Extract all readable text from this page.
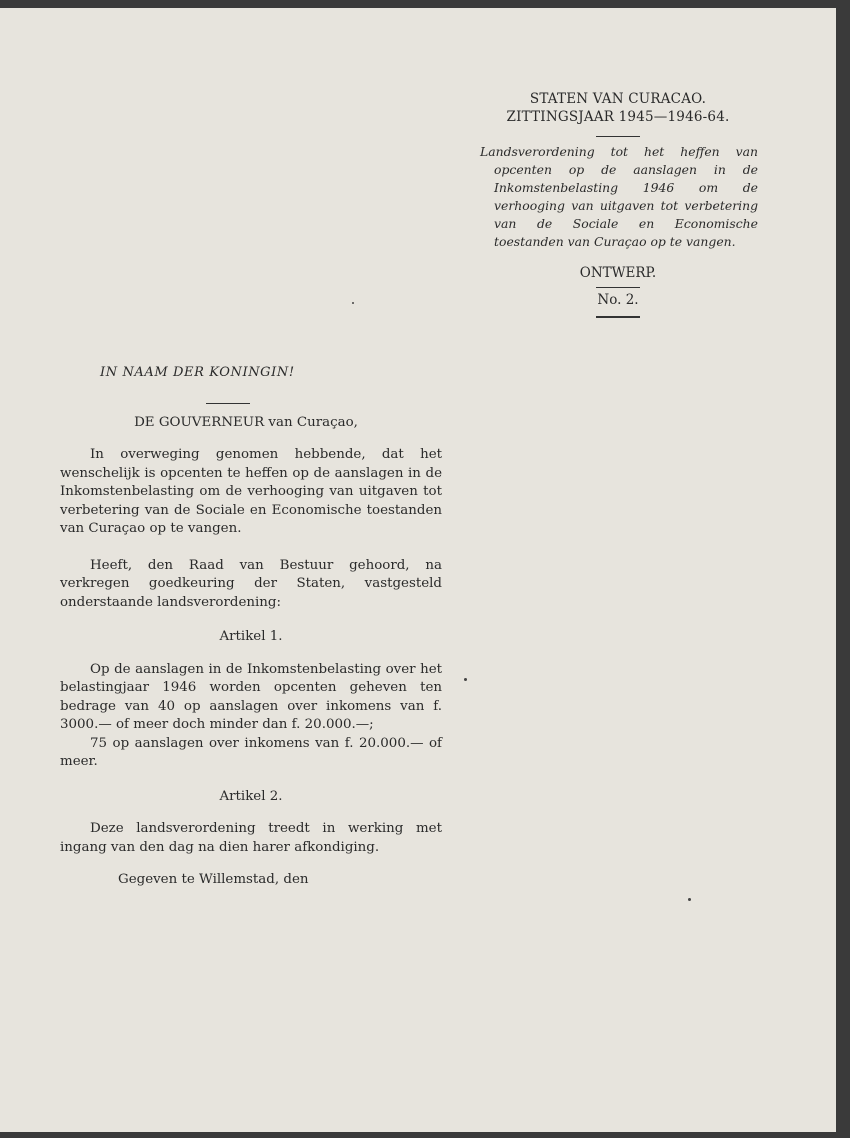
STATEN VAN CURACAO.
ZITTINGSJAAR 1945—1946-64.

Landsverordening tot het heffen van opcenten op de aanslagen in de Inkomstenbelasting 1946 om de verhooging van uitgaven tot verbetering van de Sociale en Economische toestanden van Curaçao op te vangen.

ONTWERP.
No. 2.
IN NAAM DER KONINGIN!
DE GOUVERNEUR van Curaçao,

In overweging genomen hebbende, dat het wenschelijk is opcenten te heffen op de aanslagen in de Inkomstenbelasting om de verhooging van uitgaven tot verbetering van de Sociale en Economische toestanden van Curaçao op te vangen.

Heeft, den Raad van Bestuur gehoord, na verkregen goedkeuring der Staten, vastgesteld onderstaande landsverordening:

Artikel 1.

Op de aanslagen in de Inkomstenbelasting over het belastingjaar 1946 worden opcenten geheven ten bedrage van 40 op aanslagen over inkomens van f. 3000.— of meer doch minder dan f. 20.000.—;

75 op aanslagen over inkomens van f. 20.000.— of meer.

Artikel 2.

Deze landsverordening treedt in werking met ingang van den dag na dien harer afkondiging.

Gegeven te Willemstad, den
